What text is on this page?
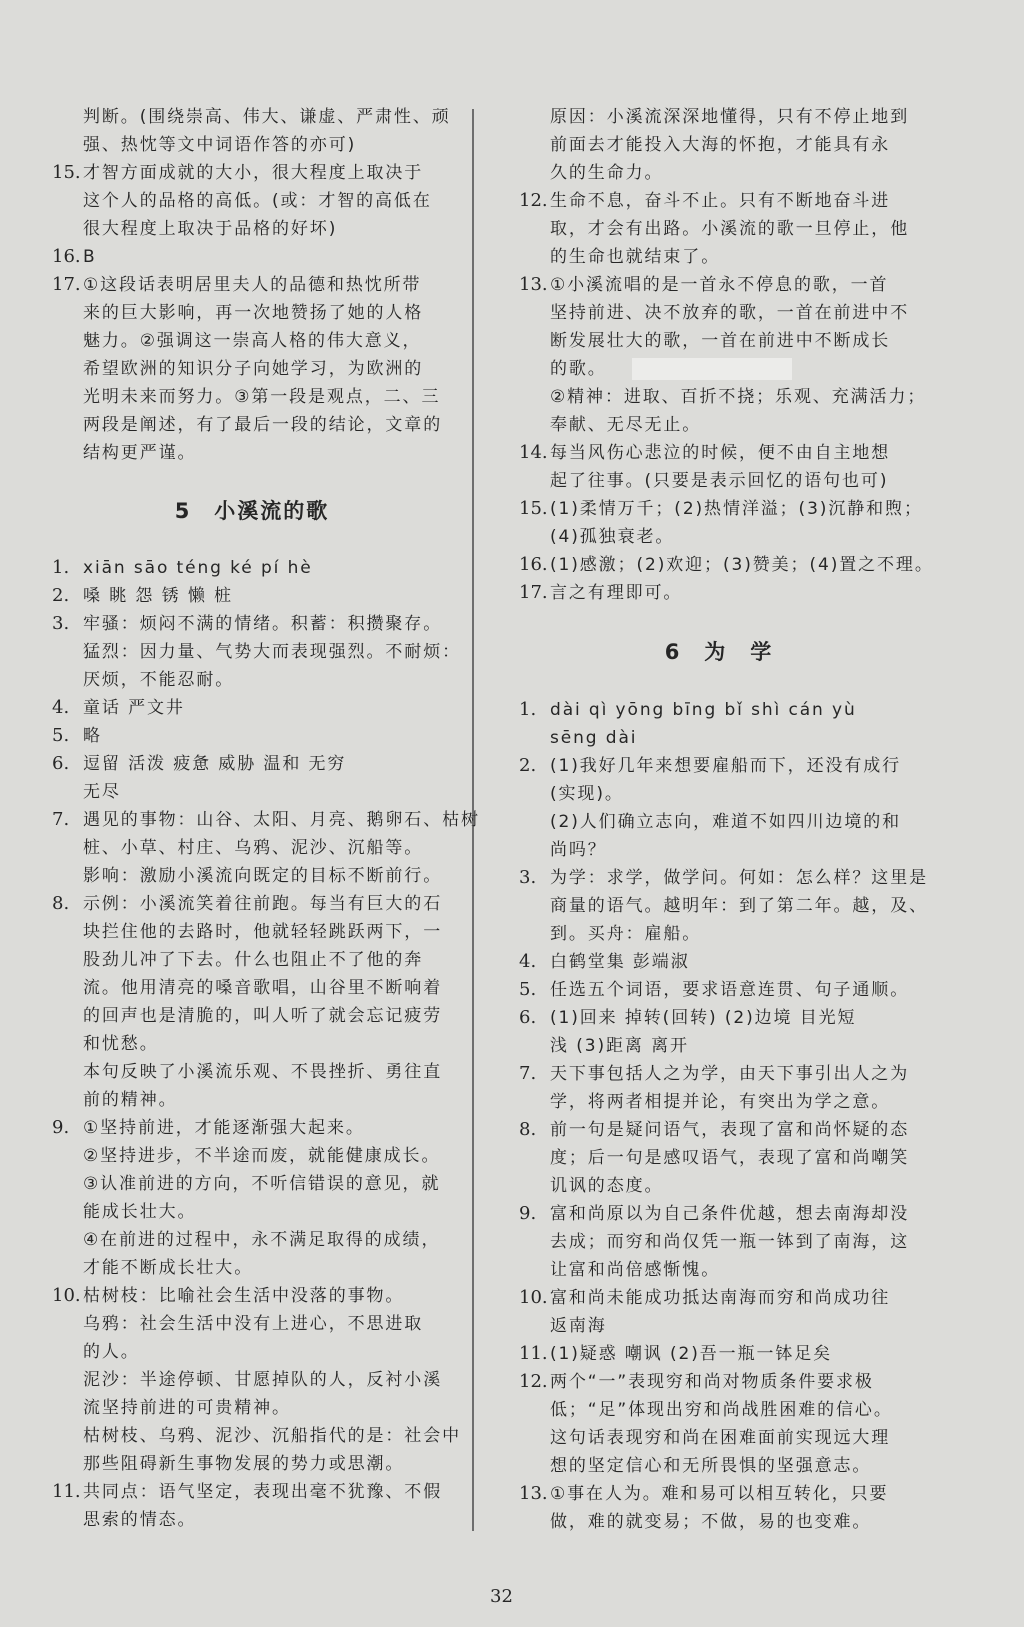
判断。(围绕崇高、伟大、谦虚、严肃性、顽
强、热忱等文中词语作答的亦可)
15. 才智方面成就的大小，很大程度上取决于
这个人的品格的高低。(或：才智的高低在
很大程度上取决于品格的好坏)
16. B
17. ①这段话表明居里夫人的品德和热忱所带
来的巨大影响，再一次地赞扬了她的人格
魅力。②强调这一崇高人格的伟大意义，
希望欧洲的知识分子向她学习，为欧洲的
光明未来而努力。③第一段是观点，二、三
两段是阐述，有了最后一段的结论，文章的
结构更严谨。
5　小溪流的歌
1. xiān sāo téng ké pí hè
2. 嗓 眺 怨 锈 懒 桩
3. 牢骚：烦闷不满的情绪。积蓄：积攒聚存。
猛烈：因力量、气势大而表现强烈。不耐烦：
厌烦，不能忍耐。
4. 童话 严文井
5. 略
6. 逗留 活泼 疲惫 威胁 温和 无穷
无尽
7. 遇见的事物：山谷、太阳、月亮、鹅卵石、枯树
桩、小草、村庄、乌鸦、泥沙、沉船等。
影响：激励小溪流向既定的目标不断前行。
8. 示例：小溪流笑着往前跑。每当有巨大的石
块拦住他的去路时，他就轻轻跳跃两下，一
股劲儿冲了下去。什么也阻止不了他的奔
流。他用清亮的嗓音歌唱，山谷里不断响着
的回声也是清脆的，叫人听了就会忘记疲劳
和忧愁。
本句反映了小溪流乐观、不畏挫折、勇往直
前的精神。
9. ①坚持前进，才能逐渐强大起来。
②坚持进步，不半途而废，就能健康成长。
③认准前进的方向，不听信错误的意见，就
能成长壮大。
④在前进的过程中，永不满足取得的成绩，
才能不断成长壮大。
10. 枯树枝：比喻社会生活中没落的事物。
乌鸦：社会生活中没有上进心，不思进取
的人。
泥沙：半途停顿、甘愿掉队的人，反衬小溪
流坚持前进的可贵精神。
枯树枝、乌鸦、泥沙、沉船指代的是：社会中
那些阻碍新生事物发展的势力或思潮。
11. 共同点：语气坚定，表现出毫不犹豫、不假
思索的情态。
原因：小溪流深深地懂得，只有不停止地到
前面去才能投入大海的怀抱，才能具有永
久的生命力。
12. 生命不息，奋斗不止。只有不断地奋斗进
取，才会有出路。小溪流的歌一旦停止，他
的生命也就结束了。
13. ①小溪流唱的是一首永不停息的歌，一首
坚持前进、决不放弃的歌，一首在前进中不
断发展壮大的歌，一首在前进中不断成长
的歌。
②精神：进取、百折不挠；乐观、充满活力；
奉献、无尽无止。
14. 每当风伤心悲泣的时候，便不由自主地想
起了往事。(只要是表示回忆的语句也可)
15. (1)柔情万千；(2)热情洋溢；(3)沉静和煦；
(4)孤独衰老。
16. (1)感激；(2)欢迎；(3)赞美；(4)置之不理。
17. 言之有理即可。
6　为　学
1. dài qì yōng bīng bǐ shì cán yù
sēng dài
2. (1)我好几年来想要雇船而下，还没有成行
(实现)。
(2)人们确立志向，难道不如四川边境的和
尚吗？
3. 为学：求学，做学问。何如：怎么样？这里是
商量的语气。越明年：到了第二年。越，及、
到。买舟：雇船。
4. 白鹤堂集 彭端淑
5. 任选五个词语，要求语意连贯、句子通顺。
6. (1)回来 掉转(回转) (2)边境 目光短
浅 (3)距离 离开
7. 天下事包括人之为学，由天下事引出人之为
学，将两者相提并论，有突出为学之意。
8. 前一句是疑问语气，表现了富和尚怀疑的态
度；后一句是感叹语气，表现了富和尚嘲笑
讥讽的态度。
9. 富和尚原以为自己条件优越，想去南海却没
去成；而穷和尚仅凭一瓶一钵到了南海，这
让富和尚倍感惭愧。
10. 富和尚未能成功抵达南海而穷和尚成功往
返南海
11. (1)疑惑 嘲讽 (2)吾一瓶一钵足矣
12. 两个“一”表现穷和尚对物质条件要求极
低；“足”体现出穷和尚战胜困难的信心。
这句话表现穷和尚在困难面前实现远大理
想的坚定信心和无所畏惧的坚强意志。
13. ①事在人为。难和易可以相互转化，只要
做，难的就变易；不做，易的也变难。
32
